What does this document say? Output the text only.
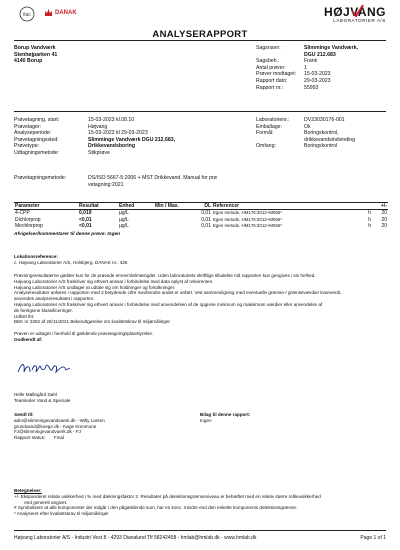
ilac	DANAK
ANALYSERAPPORT
HØJVANG
LABORATORIER A/S
Borup Vandværk
Stenhøjparken 41
4140 Borup
Sagsnavn:	Slimminge Vandværk,
DGU 212.683
Sagsbeh.:	Frank
Antal prøver:	1
Prøver modtaget:	15-03-2023
Rapport dato:	29-03-2023
Rapport nr.:	55993
Prøvetagning, start:	15-03-2023 kl.08.10
Prøvetager:	Højvang
Analyseperiode:	15-03-2023 til 29-03-2023
Prøvetagningssted:	Slimminge Vandværk DGU 212.683,
Prøvetype:	Drikkevandsboring
Udtagningsmetode:	Stikprøve
Laboratorienr.:	DV23030176-001
Emballage:	Ok
Formål:	Boringskontrol,
drikkevandsindvinding
Omfang:	Boringskontrol
Prøvetagningsmetode:	DS/ISO 5667-5:2006 + MST Drikkevand. Manual for prø
vetagning:2021
Parameter	Resultat	Enhed	Min / Max.	DL	Referencer		+/-
4-CPP	0,019	µg/L		0,01	Egen metode, HM176:2012+M065*	h	20
Dichlorprop	<0,01	µg/L		0,01	Egen metode, HM176:2012+M065*	h	20
Mechlorprop	<0,01	µg/L		0,01	Egen metode, HM176:2012+M065*	h	20
Afvigelser/kommentarer til denne prøve: Ingen
Lokationsreference:
c. Højvang Laboratorier A/S, Holsbjerg. DANAK nr.: 426
Prøvningsresultaterne gælder kun for de prøvede emner/delmængder. Uden laboratoriets skriftlige tilladelse må rapporten kun gengives i sin helhed.
Højvang Laboratorier A/S fraskriver sig ethvert ansvar i forbindelse med data oplyst af rekvirenten.
Højvang Laboratorier A/S undlager at udtale sig om holdninger og fortolkninger.
Analyseresultater anføres i rapporten med 2 betydende cifre medmindre andet er anført. Ved sammenligning med eventuelle grænse-/ grænseværdier kvanverdi,
anvendes analyseresultatet i rapporten.
Højvang Laboratorier A/S fraskriver sig ethvert ansvar i forbindelse med anvendelsen af de opgivne minimum og maksimum værdier eller anvendelse af
de forelgivne klassificeringer.
Udført iht:
BEK nr 2362 af 26/11/2021 Bekendtgørelse om kvalitetskrav til miljømålinger
Prøven er udtaget i henhold til gældende prøvetagningsplanstyrelse.
Godkendt af:
Helle Møllegård Dahl
Teamleder Vand & Speciale
Sendt til:
adm@slimmingevandvaerk.dk - Willy Larsen
grundvand@koege.dk - Køge Kommune
FJ@slimmingevandvaerk.dk - FJ
Rapport status:	Final
Bilag til denne rapport:
Ingen
Betegnelser:
+/- Ekspanderet relativ usikkerhed i % med dækningsfaktor 2. Resultater på detektionsgrænseniveau er behæftet med en relativ større måleusikkerhed
end generelt angivet.
# Symbolisere at alle komponenter der indgår i den pågældende sum, har en konc. mindre end den enkelte komponents detektionsgrænse.
* Analyseret efter kvalitetskrav til miljømålinger
Højvang Laboratorier A/S - Industri Vest 8 - 4293 Dianalund Tlf 58242458 - hmlab@hmlab.dk - www.hmlab.dk	Page 1 of 1
